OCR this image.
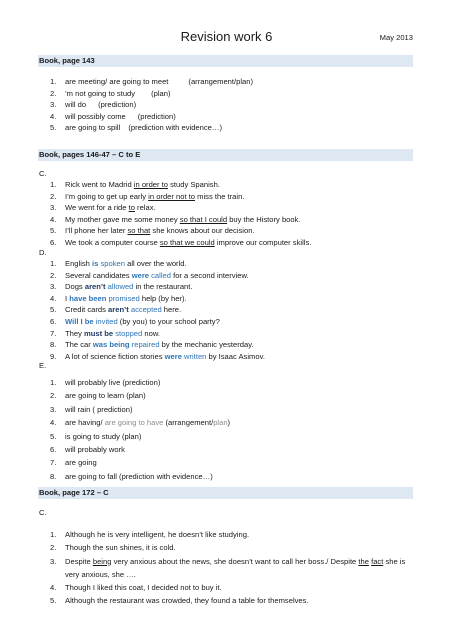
Revision work 6	May 2013
Book, page 143
1. are meeting/ are going to meet	(arrangement/plan)
2. ’m not going to study (plan)
3. will do (prediction)
4. will possibly come (prediction)
5. are going to spill (prediction with evidence…)
Book, pages 146-47 – C to E
C.
1. Rick went to Madrid in order to study Spanish.
2. I’m going to get up early in order not to miss the train.
3. We went for a ride to relax.
4. My mother gave me some money so that I could buy the History book.
5. I’ll phone her later so that she knows about our decision.
6. We took a computer course so that we could improve our computer skills.
D.
1. English is spoken all over the world.
2. Several candidates were called for a second interview.
3. Dogs aren’t allowed in the restaurant.
4. I have been promised help (by her).
5. Credit cards aren’t accepted here.
6. Will I be invited (by you) to your school party?
7. They must be stopped now.
8. The car was being repaired by the mechanic yesterday.
9. A lot of science fiction stories were written by Isaac Asimov.
E.
1. will probably live (prediction)
2. are going to learn (plan)
3. will rain ( prediction)
4. are having/ are going to have (arrangement/plan)
5. is going to study (plan)
6. will probably work
7. are going
8. are going to fall (prediction with evidence…)
Book, page 172 – C
C.
1. Although he is very intelligent, he doesn’t like studying.
2. Though the sun shines, it is cold.
3. Despite being very anxious about the news, she doesn’t want to call her boss./ Despite the fact she is very anxious, she ….
4. Though I liked this coat, I decided not to buy it.
5. Although the restaurant was crowded, they found a table for themselves.
